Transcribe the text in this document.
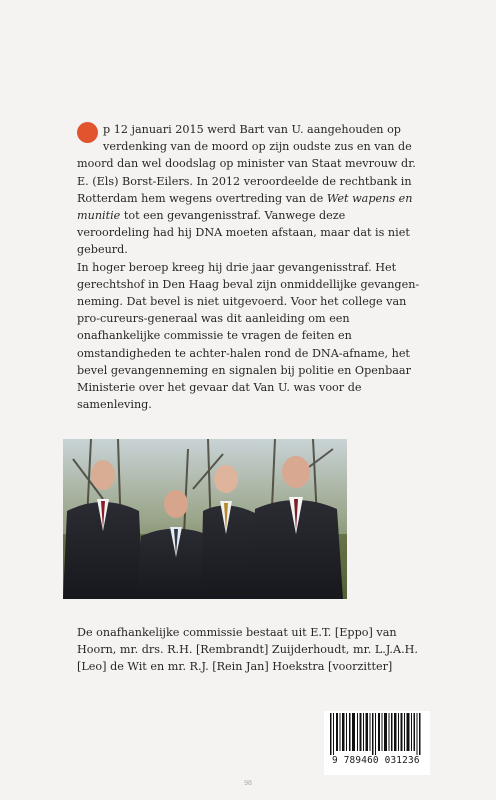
p 12 januari 2015 werd Bart van U. aangehouden op verdenking van de moord op zijn oudste zus en van de moord dan wel doodslag op minister van Staat mevrouw dr. E. (Els) Borst-Eilers. In 2012 veroordeelde de rechtbank in Rotterdam hem wegens overtreding van de Wet wapens en munitie tot een gevangenisstraf. Vanwege deze veroordeling had hij DNA moeten afstaan, maar dat is niet gebeurd.

In hoger beroep kreeg hij drie jaar gevangenisstraf. Het gerechtshof in Den Haag beval zijn onmiddellijke gevangen-neming. Dat bevel is niet uitgevoerd. Voor het college van pro-cureurs-generaal was dit aanleiding om een onafhankelijke commissie te vragen de feiten en omstandigheden te achter-halen rond de DNA-afname, het bevel gevangenneming en signalen bij politie en Openbaar Ministerie over het gevaar dat Van U. was voor de samenleving.

De onafhankelijke commissie bestaat uit E.T. [Eppo] van Hoorn, mr. drs. R.H. [Rembrandt] Zuijderhoudt, mr. L.J.A.H. [Leo] de Wit en mr. R.J. [Rein Jan] Hoekstra [voorzitter]

9 789460 031236
98
